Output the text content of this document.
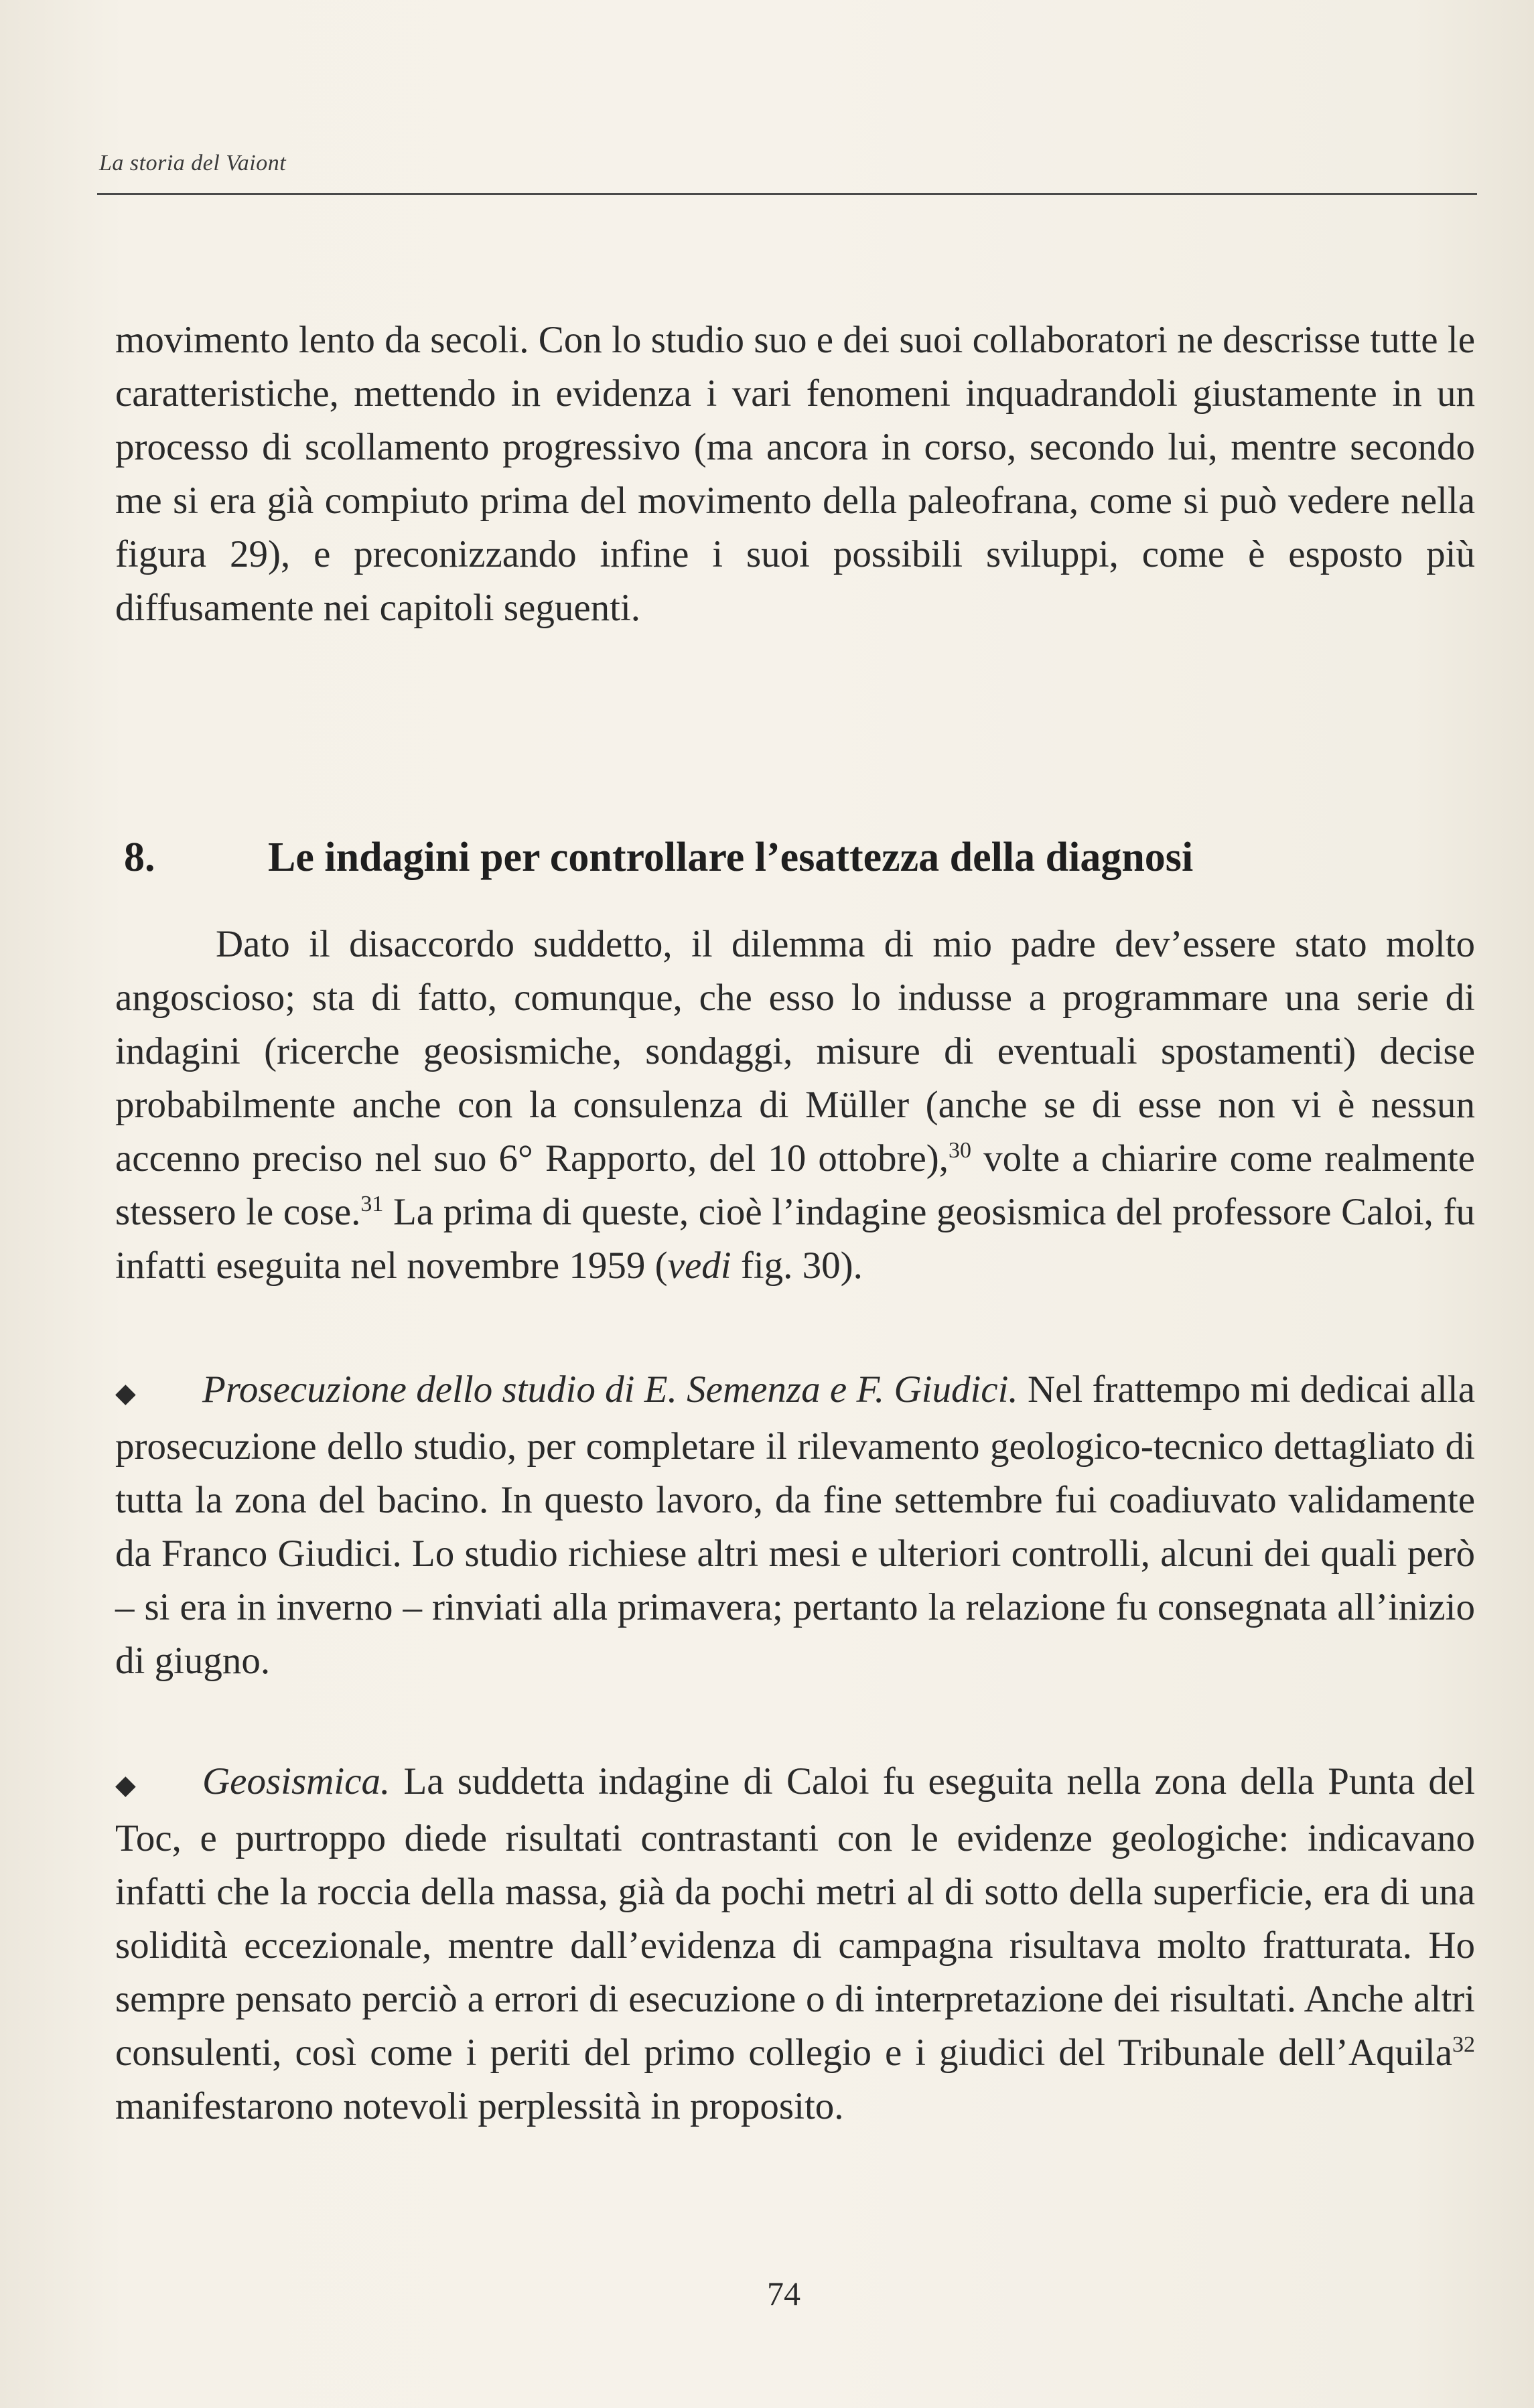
La storia del Vaiont

movimento lento da secoli. Con lo studio suo e dei suoi collaboratori ne descrisse tutte le caratteristiche, mettendo in evidenza i vari fenomeni inquadrandoli giustamente in un processo di scollamento progressivo (ma ancora in corso, secondo lui, mentre secondo me si era già compiuto prima del movimento della paleofrana, come si può vedere nella figura 29), e preconizzando infine i suoi possibili sviluppi, come è esposto più diffusamente nei capitoli seguenti.

8.	Le indagini per controllare l’esattezza della diagnosi

Dato il disaccordo suddetto, il dilemma di mio padre dev’essere stato molto angoscioso; sta di fatto, comunque, che esso lo indusse a programmare una serie di indagini (ricerche geosismiche, sondaggi, misure di eventuali spostamenti) decise probabilmente anche con la consulenza di Müller (anche se di esse non vi è nessun accenno preciso nel suo 6° Rapporto, del 10 ottobre),$^{30}$ volte a chiarire come realmente stessero le cose.$^{31}$ La prima di queste, cioè l’indagine geosismica del professore Caloi, fu infatti eseguita nel novembre 1959 (vedi fig. 30).

◆ Prosecuzione dello studio di E. Semenza e F. Giudici. Nel frattempo mi dedicai alla prosecuzione dello studio, per completare il rilevamento geologico-tecnico dettagliato di tutta la zona del bacino. In questo lavoro, da fine settembre fui coadiuvato validamente da Franco Giudici. Lo studio richiese altri mesi e ulteriori controlli, alcuni dei quali però – si era in inverno – rinviati alla primavera; pertanto la relazione fu consegnata all’inizio di giugno.

◆ Geosismica. La suddetta indagine di Caloi fu eseguita nella zona della Punta del Toc, e purtroppo diede risultati contrastanti con le evidenze geologiche: indicavano infatti che la roccia della massa, già da pochi metri al di sotto della superficie, era di una solidità eccezionale, mentre dall’evidenza di campagna risultava molto fratturata. Ho sempre pensato perciò a errori di esecuzione o di interpretazione dei risultati. Anche altri consulenti, così come i periti del primo collegio e i giudici del Tribunale dell’Aquila$^{32}$ manifestarono notevoli perplessità in proposito.

74
